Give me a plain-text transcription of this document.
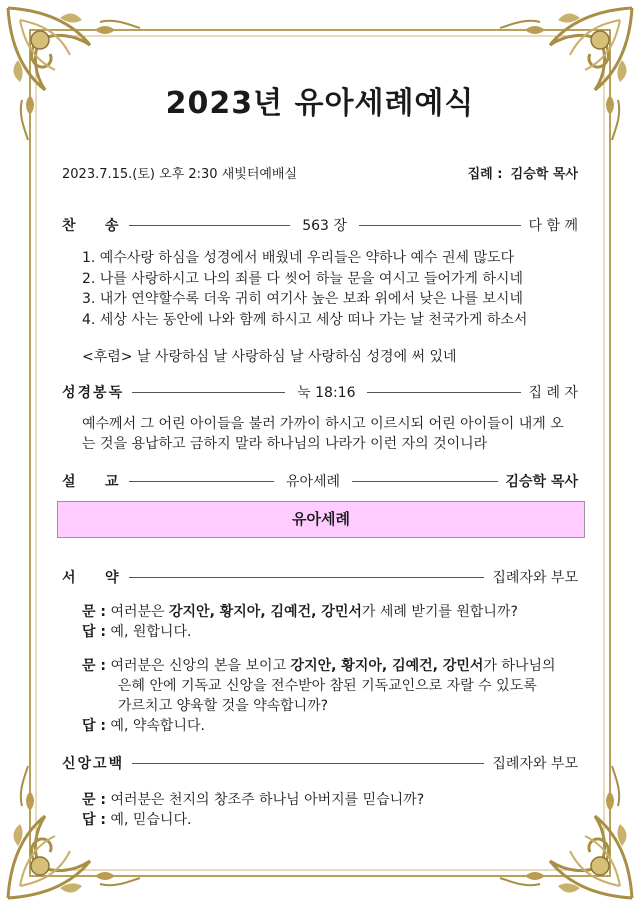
2023년 유아세례예식
2023.7.15.(토) 오후 2:30 새빛터예배실	집례 : 김승학 목사
찬    송	563 장	다 함 께
1. 예수사랑 하심을 성경에서 배웠네 우리들은 약하나 예수 권세 많도다
2. 나를 사랑하시고 나의 죄를 다 씻어 하늘 문을 여시고 들어가게 하시네
3. 내가 연약할수록 더욱 귀히 여기사 높은 보좌 위에서 낮은 나를 보시네
4. 세상 사는 동안에 나와 함께 하시고 세상 떠나 가는 날 천국가게 하소서
<후렴> 날 사랑하심 날 사랑하심 날 사랑하심 성경에 써 있네
성경봉독	눅 18:16	집 례 자
예수께서 그 어린 아이들을 불러 가까이 하시고 이르시되 어린 아이들이 내게 오는 것을 용납하고 금하지 말라 하나님의 나라가 이런 자의 것이니라
설    교	유아세례	김승학 목사
유아세례
서    약	집례자와 부모
문 : 여러분은 강지안, 황지아, 김예건, 강민서가 세례 받기를 원합니까?
답 : 예, 원합니다.
문 : 여러분은 신앙의 본을 보이고 강지안, 황지아, 김예건, 강민서가 하나님의
은혜 안에 기독교 신앙을 전수받아 참된 기독교인으로 자랄 수 있도록
가르치고 양육할 것을 약속합니까?
답 : 예, 약속합니다.
신앙고백	집례자와 부모
문 : 여러분은 천지의 창조주 하나님 아버지를 믿습니까?
답 : 예, 믿습니다.
